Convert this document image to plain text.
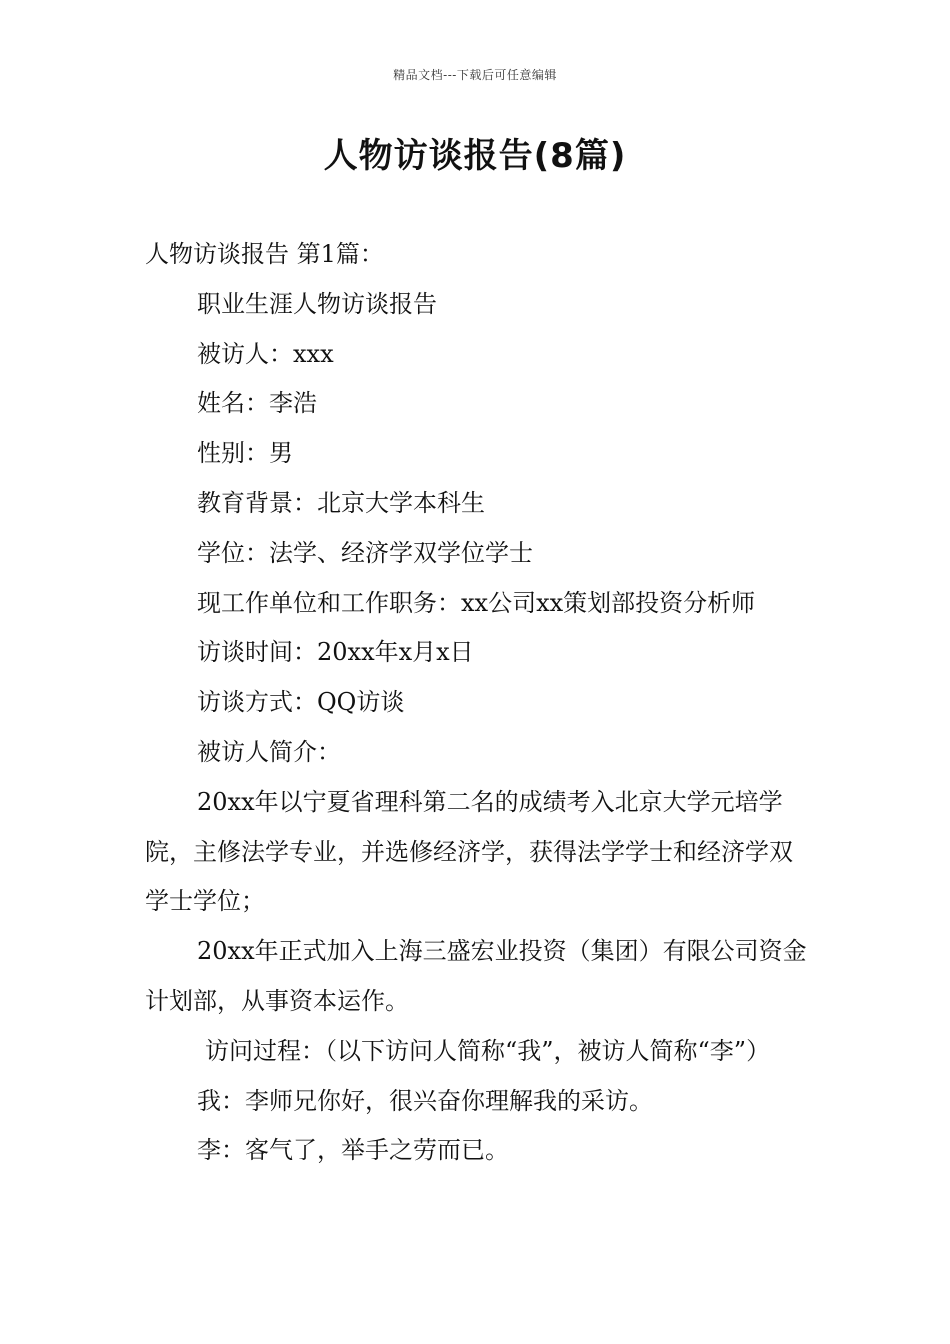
精品文档---下载后可任意编辑
人物访谈报告(8篇)

人物访谈报告 第1篇：

职业生涯人物访谈报告

被访人：xxx

姓名：李浩

性别：男

教育背景：北京大学本科生

学位：法学、经济学双学位学士

现工作单位和工作职务：xx公司xx策划部投资分析师

访谈时间：20xx年x月x日

访谈方式：QQ访谈

被访人简介：

20xx年以宁夏省理科第二名的成绩考入北京大学元培学院，主修法学专业，并选修经济学，获得法学学士和经济学双学士学位；

20xx年正式加入上海三盛宏业投资（集团）有限公司资金计划部，从事资本运作。

访问过程：（以下访问人简称“我”，被访人简称“李”）

我：李师兄你好，很兴奋你理解我的采访。

李：客气了，举手之劳而已。
